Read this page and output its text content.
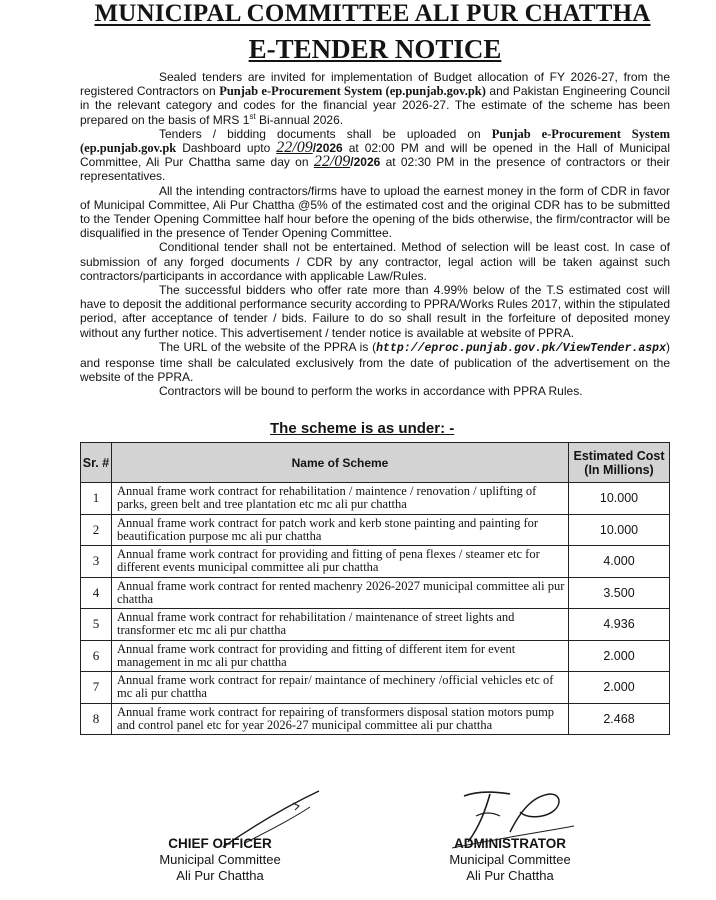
MUNICIPAL COMMITTEE ALI PUR CHATTHA
E-TENDER NOTICE

Sealed tenders are invited for implementation of Budget allocation of FY 2026-27, from the registered Contractors on Punjab e-Procurement System (ep.punjab.gov.pk) and Pakistan Engineering Council in the relevant category and codes for the financial year 2026-27. The estimate of the scheme has been prepared on the basis of MRS 1st Bi-annual 2026.

Tenders / bidding documents shall be uploaded on Punjab e-Procurement System (ep.punjab.gov.pk Dashboard upto 22/09/2026 at 02:00 PM and will be opened in the Hall of Municipal Committee, Ali Pur Chattha same day on 22/09/2026 at 02:30 PM in the presence of contractors or their representatives.

All the intending contractors/firms have to upload the earnest money in the form of CDR in favor of Municipal Committee, Ali Pur Chattha @5% of the estimated cost and the original CDR has to be submitted to the Tender Opening Committee half hour before the opening of the bids otherwise, the firm/contractor will be disqualified in the presence of Tender Opening Committee.

Conditional tender shall not be entertained. Method of selection will be least cost. In case of submission of any forged documents / CDR by any contractor, legal action will be taken against such contractors/participants in accordance with applicable Law/Rules.

The successful bidders who offer rate more than 4.99% below of the T.S estimated cost will have to deposit the additional performance security according to PPRA/Works Rules 2017, within the stipulated period, after acceptance of tender / bids. Failure to do so shall result in the forfeiture of deposited money without any further notice. This advertisement / tender notice is available at website of PPRA.

The URL of the website of the PPRA is (http://eproc.punjab.gov.pk/ViewTender.aspx) and response time shall be calculated exclusively from the date of publication of the advertisement on the website of the PPRA.

Contractors will be bound to perform the works in accordance with PPRA Rules.

The scheme is as under: -
Sr. #	Name of Scheme	Estimated Cost (In Millions)
1	Annual frame work contract for rehabilitation / maintence / renovation / uplifting of parks, green belt and tree plantation etc mc ali pur chattha	10.000
2	Annual frame work contract for patch work and kerb stone painting and painting for beautification purpose mc ali pur chattha	10.000
3	Annual frame work contract for providing and fitting of pena flexes / steamer etc for different events municipal committee ali pur chattha	4.000
4	Annual frame work contract for rented machenry 2026-2027 municipal committee ali pur chattha	3.500
5	Annual frame work contract for rehabilitation / maintenance of street lights and transformer etc mc ali pur chattha	4.936
6	Annual frame work contract for providing and fitting of different item for event management in mc ali pur chattha	2.000
7	Annual frame work contract for repair/ maintance of mechinery /official vehicles etc of mc ali pur chattha	2.000
8	Annual frame work contract for repairing of transformers disposal station motors pump and control panel etc for year 2026-27 municipal committee ali pur chattha	2.468
CHIEF OFFICER
Municipal Committee
Ali Pur Chattha
ADMINISTRATOR
Municipal Committee
Ali Pur Chattha
